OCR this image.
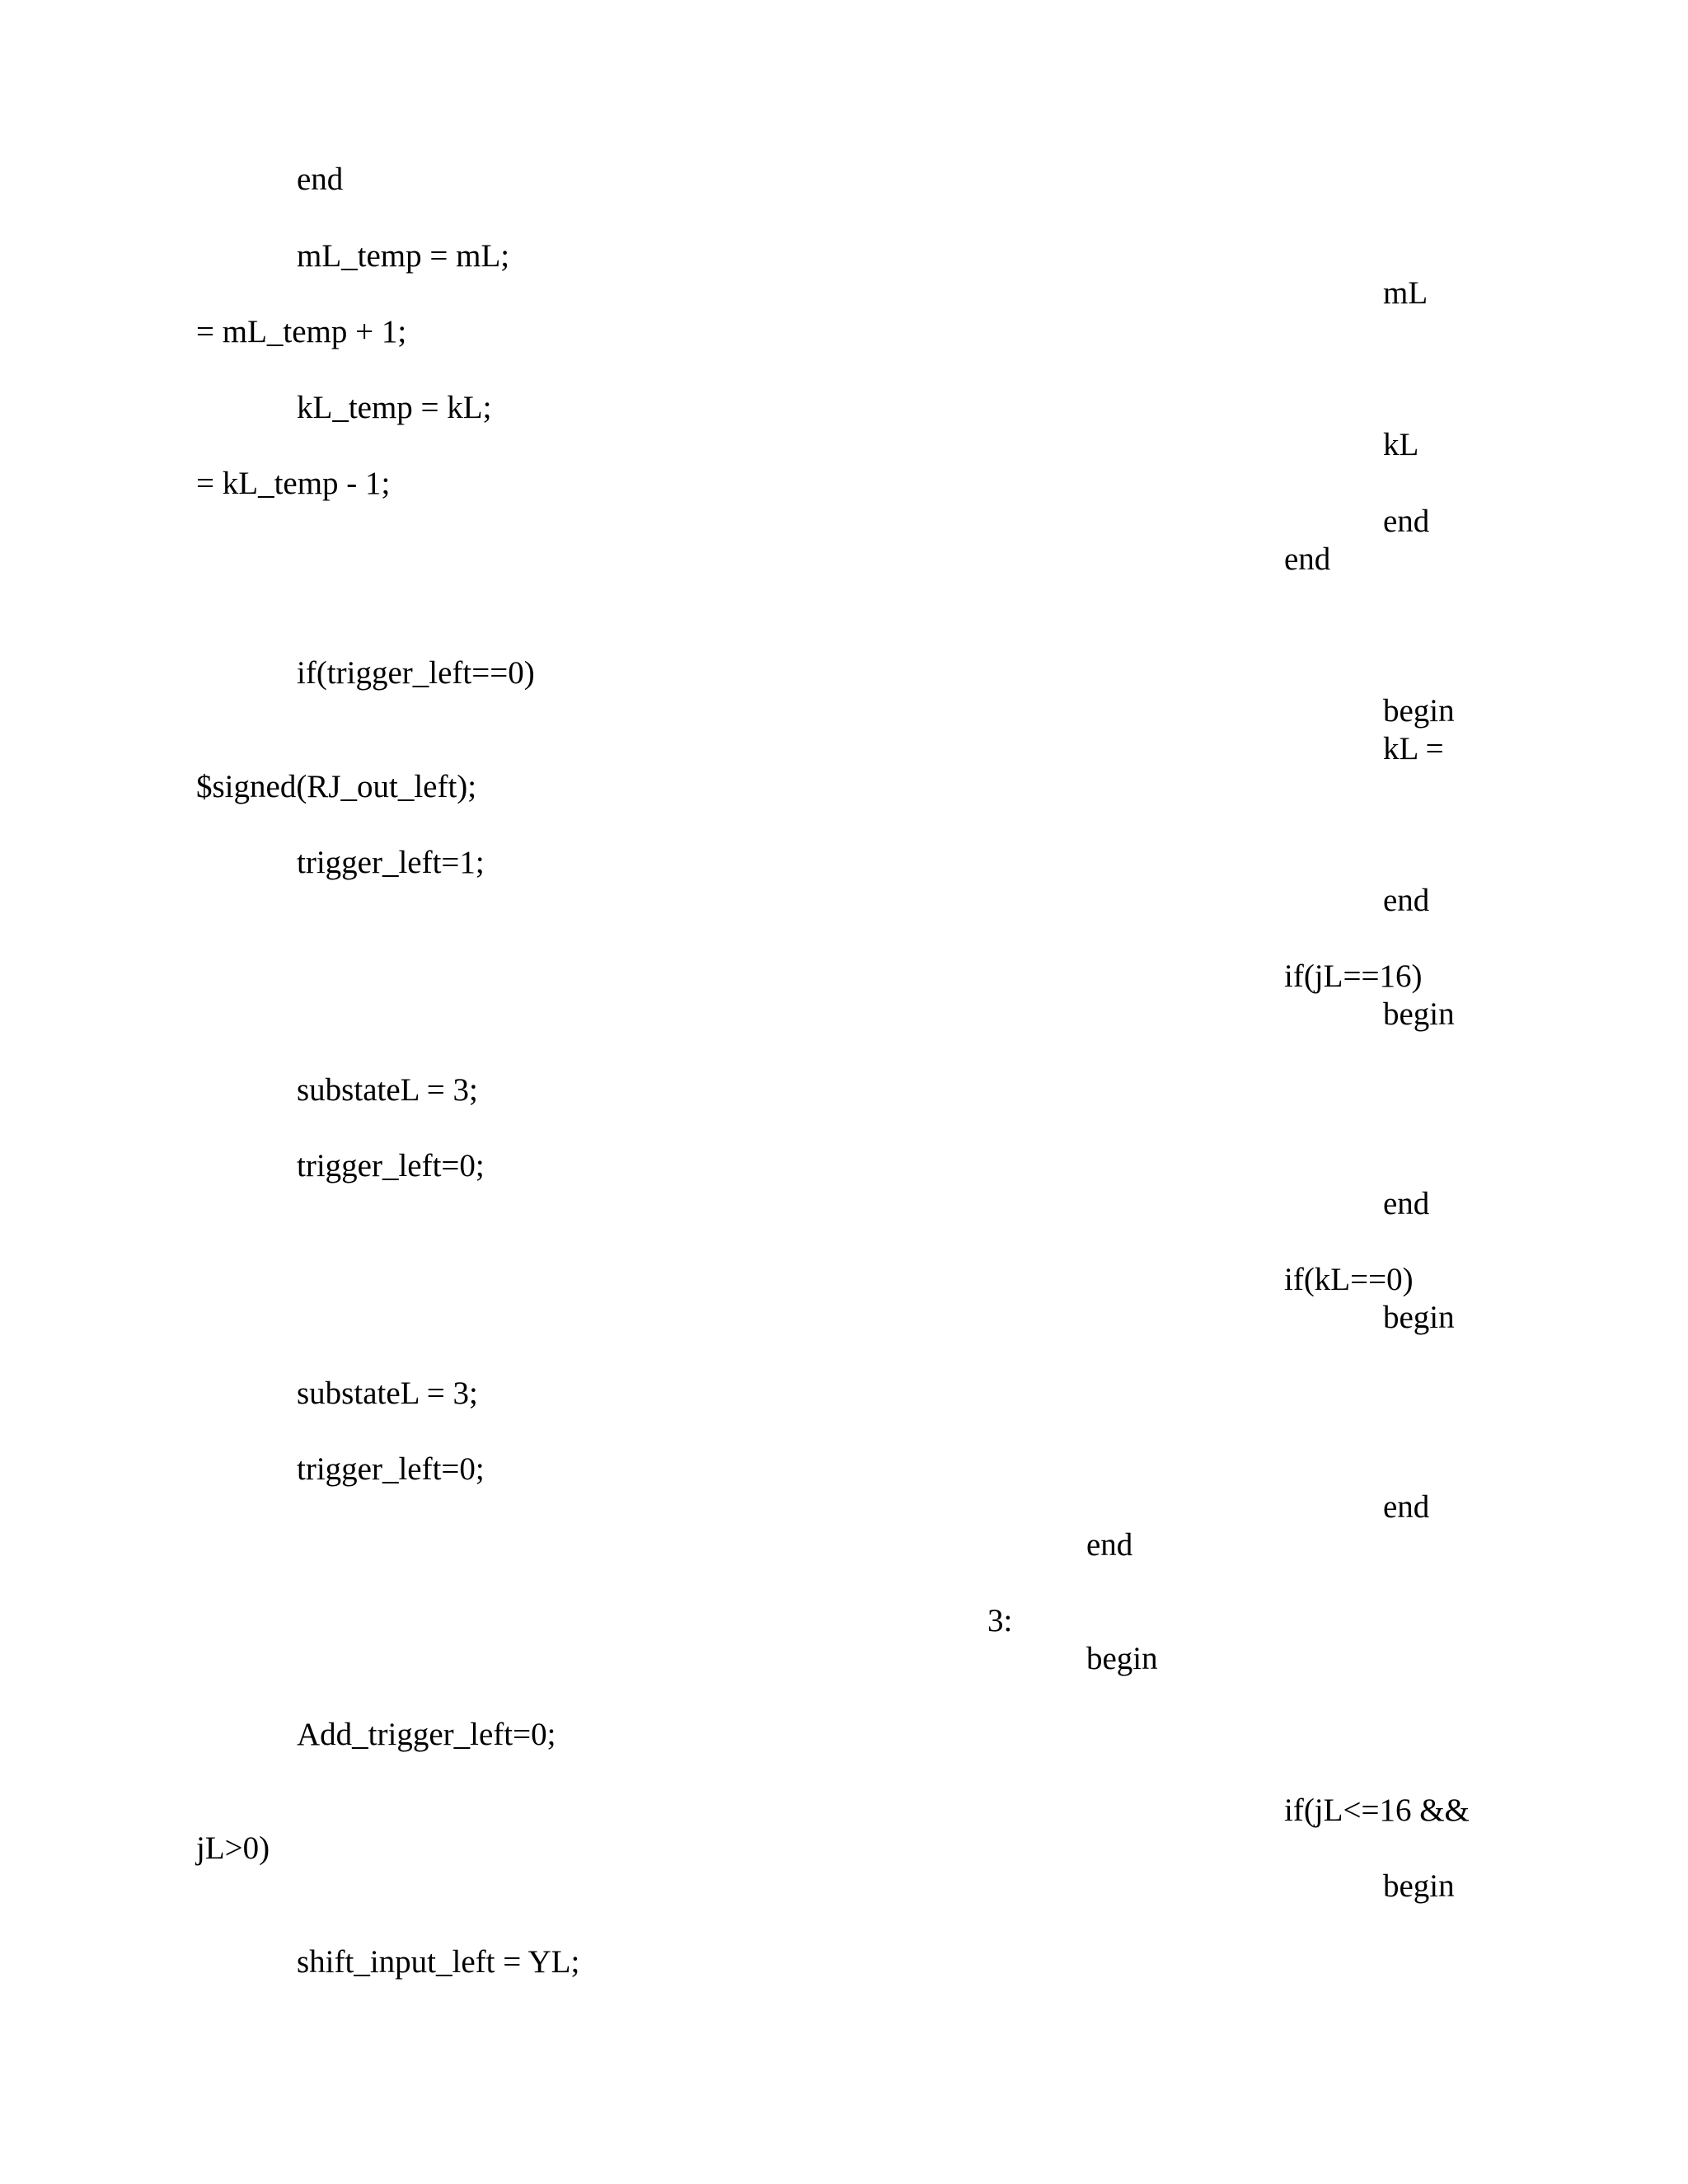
end
mL_temp = mL;
mL
= mL_temp + 1;
kL_temp = kL;
kL
= kL_temp - 1;
end
end
if(trigger_left==0)
begin
kL =
$signed(RJ_out_left);
trigger_left=1;
end
if(jL==16)
begin
substateL = 3;
trigger_left=0;
end
if(kL==0)
begin
substateL = 3;
trigger_left=0;
end
end
3:
begin
Add_trigger_left=0;
if(jL<=16 &&
jL>0)
begin
shift_input_left = YL;
